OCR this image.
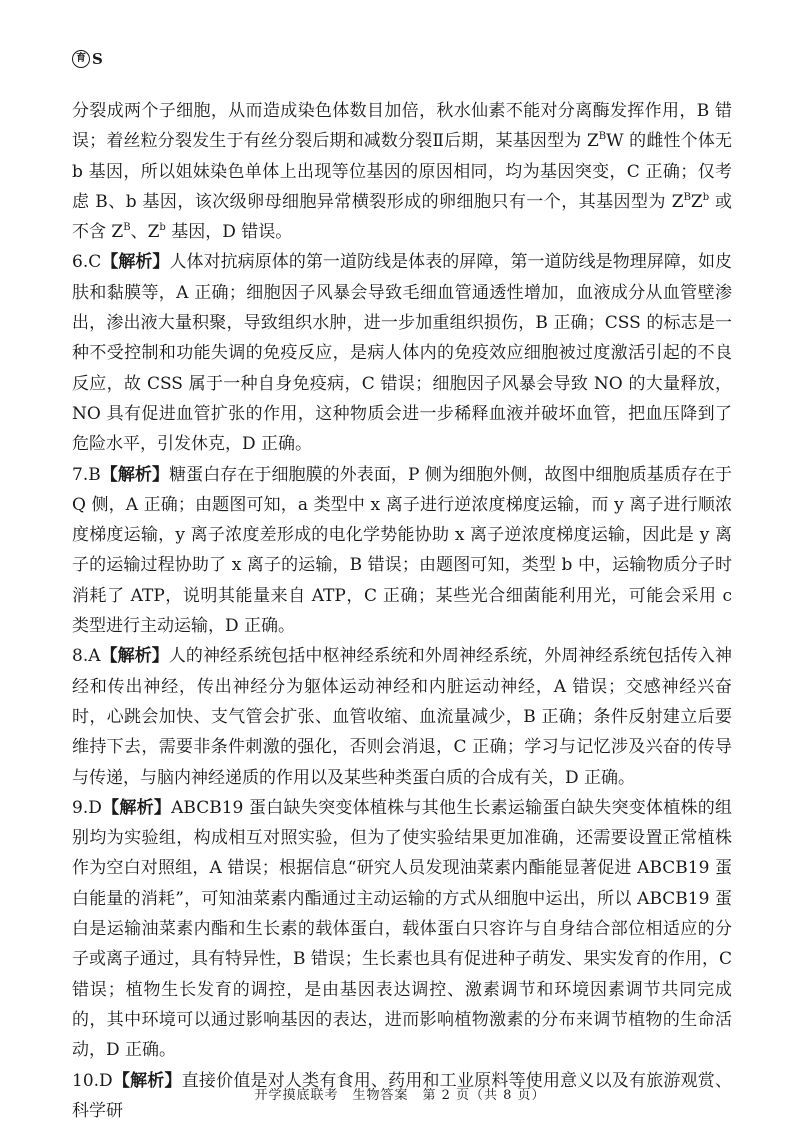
育 S

分裂成两个子细胞，从而造成染色体数目加倍，秋水仙素不能对分离酶发挥作用，B 错误；着丝粒分裂发生于有丝分裂后期和减数分裂Ⅱ后期，某基因型为 $Z^BW$ 的雌性个体无 b 基因，所以姐妹染色单体上出现等位基因的原因相同，均为基因突变，C 正确；仅考虑 B、b 基因，该次级卵母细胞异常横裂形成的卵细胞只有一个，其基因型为 $Z^BZ^b$ 或不含 $Z^B$、$Z^b$ 基因，D 错误。

6.C【解析】人体对抗病原体的第一道防线是体表的屏障，第一道防线是物理屏障，如皮肤和黏膜等，A 正确；细胞因子风暴会导致毛细血管通透性增加，血液成分从血管壁渗出，渗出液大量积聚，导致组织水肿，进一步加重组织损伤，B 正确；CSS 的标志是一种不受控制和功能失调的免疫反应，是病人体内的免疫效应细胞被过度激活引起的不良反应，故 CSS 属于一种自身免疫病，C 错误；细胞因子风暴会导致 NO 的大量释放，NO 具有促进血管扩张的作用，这种物质会进一步稀释血液并破坏血管，把血压降到了危险水平，引发休克，D 正确。

7.B【解析】糖蛋白存在于细胞膜的外表面，P 侧为细胞外侧，故图中细胞质基质存在于 Q 侧，A 正确；由题图可知，a 类型中 x 离子进行逆浓度梯度运输，而 y 离子进行顺浓度梯度运输，y 离子浓度差形成的电化学势能协助 x 离子逆浓度梯度运输，因此是 y 离子的运输过程协助了 x 离子的运输，B 错误；由题图可知，类型 b 中，运输物质分子时消耗了 ATP，说明其能量来自 ATP，C 正确；某些光合细菌能利用光，可能会采用 c 类型进行主动运输，D 正确。

8.A【解析】人的神经系统包括中枢神经系统和外周神经系统，外周神经系统包括传入神经和传出神经，传出神经分为躯体运动神经和内脏运动神经，A 错误；交感神经兴奋时，心跳会加快、支气管会扩张、血管收缩、血流量减少，B 正确；条件反射建立后要维持下去，需要非条件刺激的强化，否则会消退，C 正确；学习与记忆涉及兴奋的传导与传递，与脑内神经递质的作用以及某些种类蛋白质的合成有关，D 正确。

9.D【解析】ABCB19 蛋白缺失突变体植株与其他生长素运输蛋白缺失突变体植株的组别均为实验组，构成相互对照实验，但为了使实验结果更加准确，还需要设置正常植株作为空白对照组，A 错误；根据信息“研究人员发现油菜素内酯能显著促进 ABCB19 蛋白能量的消耗”，可知油菜素内酯通过主动运输的方式从细胞中运出，所以 ABCB19 蛋白是运输油菜素内酯和生长素的载体蛋白，载体蛋白只容许与自身结合部位相适应的分子或离子通过，具有特异性，B 错误；生长素也具有促进种子萌发、果实发育的作用，C 错误；植物生长发育的调控，是由基因表达调控、激素调节和环境因素调节共同完成的，其中环境可以通过影响基因的表达，进而影响植物激素的分布来调节植物的生命活动，D 正确。

10.D【解析】直接价值是对人类有食用、药用和工业原料等使用意义以及有旅游观赏、科学研

开学摸底联考　生物答案　第 2 页（共 8 页）
